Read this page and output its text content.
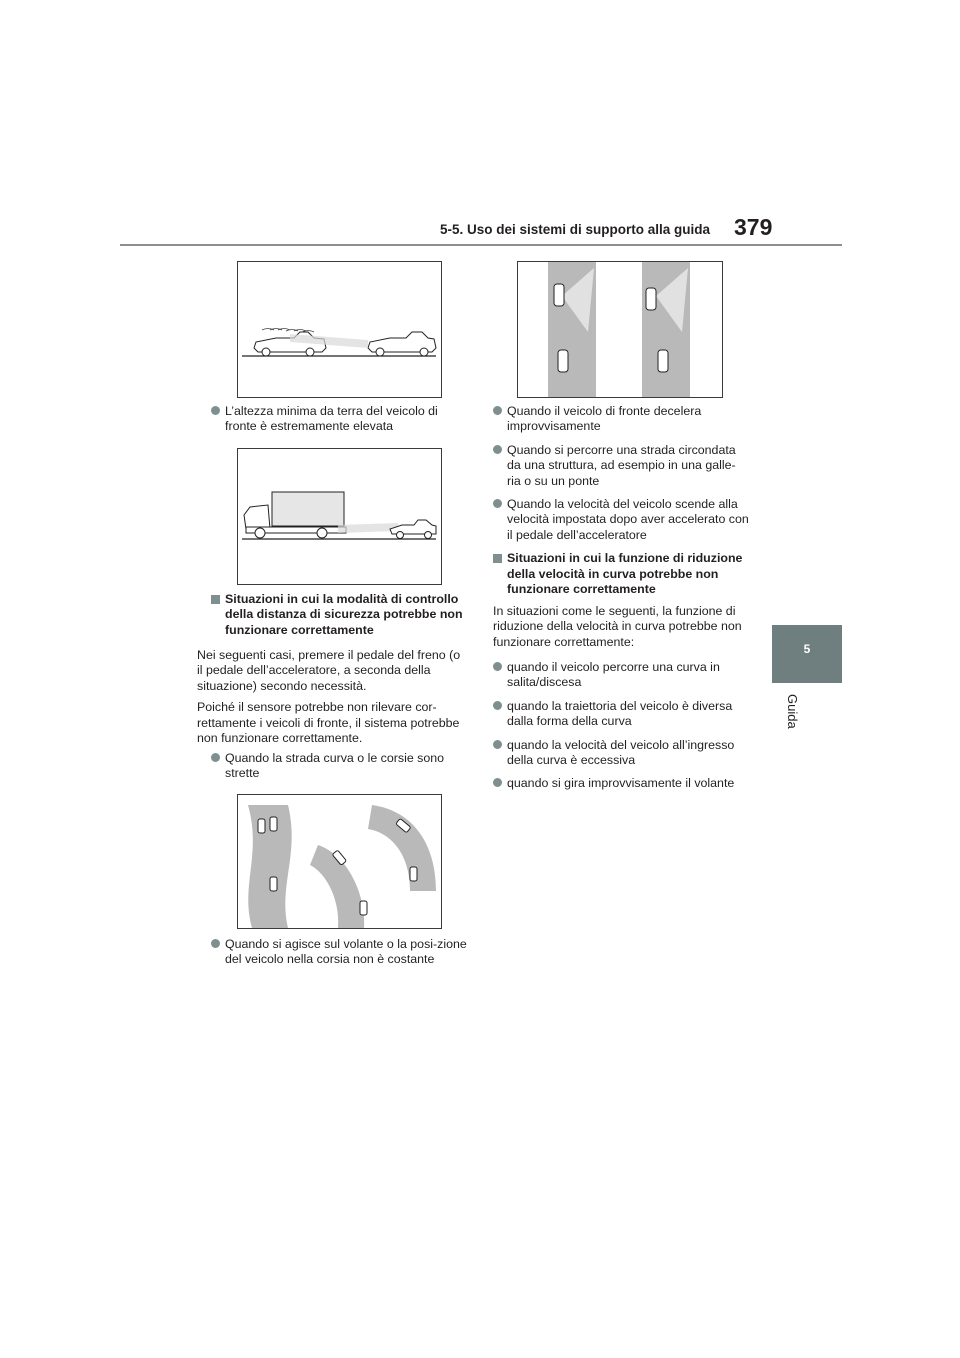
5-5. Uso dei sistemi di supporto alla guida 379
5
Guida
L’altezza minima da terra del veicolo di fronte è estremamente elevata
Situazioni in cui la modalità di controllo della distanza di sicurezza potrebbe non funzionare correttamente

Nei seguenti casi, premere il pedale del freno (o il pedale dell’acceleratore, a seconda della situazione) secondo necessità.

Poiché il sensore potrebbe non rilevare cor-rettamente i veicoli di fronte, il sistema potrebbe non funzionare correttamente.

Quando la strada curva o le corsie sono strette
Quando si agisce sul volante o la posi-zione del veicolo nella corsia non è costante
Quando il veicolo di fronte decelera improvvisamente
Quando si percorre una strada circondata da una struttura, ad esempio in una galle-ria o su un ponte
Quando la velocità del veicolo scende alla velocità impostata dopo aver accelerato con il pedale dell’acceleratore
Situazioni in cui la funzione di riduzione della velocità in curva potrebbe non funzionare correttamente

In situazioni come le seguenti, la funzione di riduzione della velocità in curva potrebbe non funzionare correttamente:

quando il veicolo percorre una curva in salita/discesa
quando la traiettoria del veicolo è diversa dalla forma della curva
quando la velocità del veicolo all’ingresso della curva è eccessiva
quando si gira improvvisamente il volante
